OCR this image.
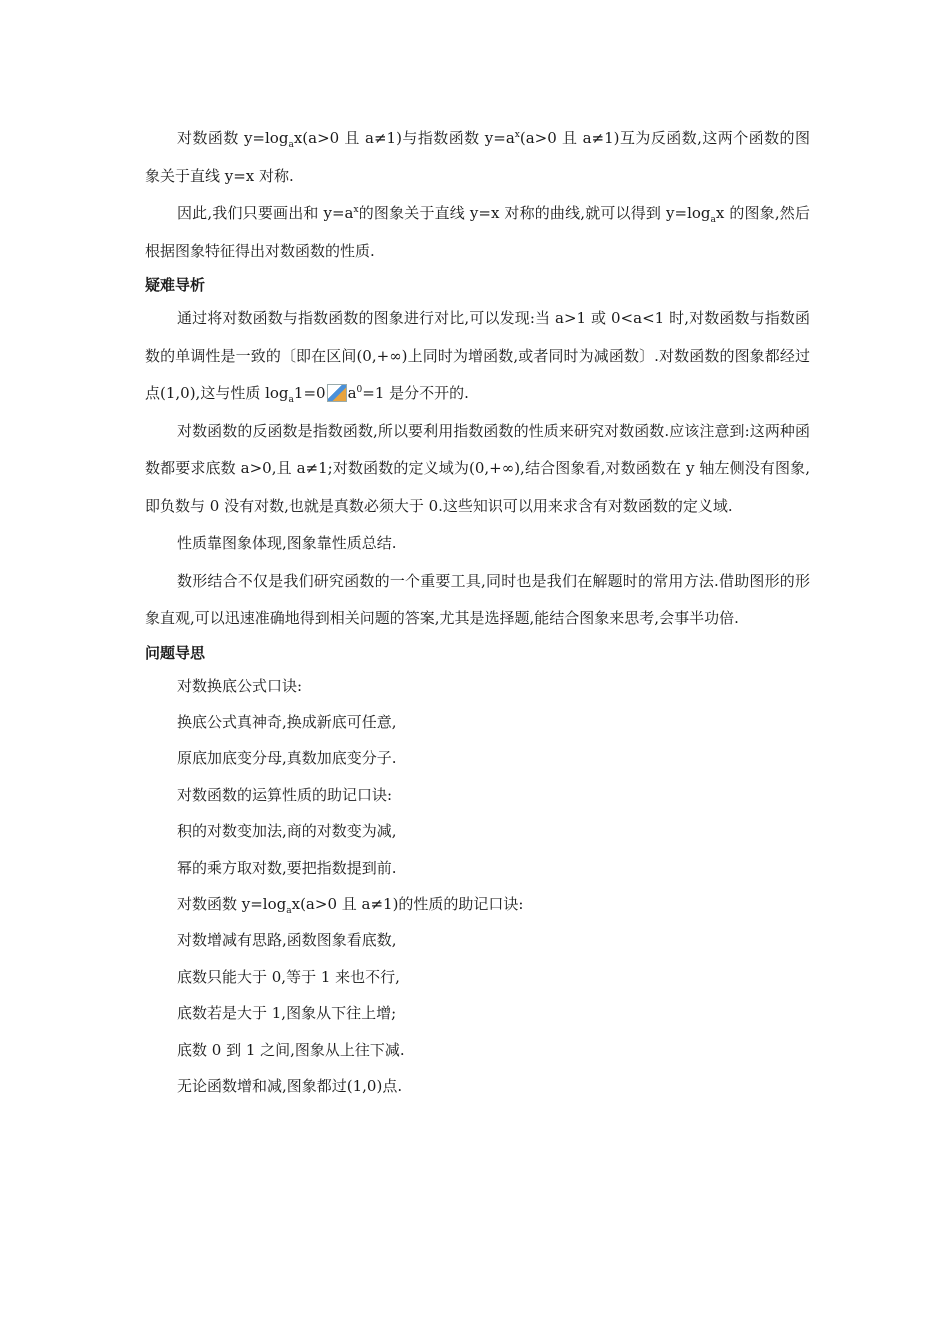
对数函数 $y=\log_ax(a>0$ 且 a≠1)与指数函数 $y=a^x(a>0$ 且 a≠1)互为反函数,这两个函数的图象关于直线 y=x 对称.

因此,我们只要画出和 $y=a^x$的图象关于直线 y=x 对称的曲线,就可以得到 $y=\log_ax$ 的图象,然后根据图象特征得出对数函数的性质.

疑难导析

通过将对数函数与指数函数的图象进行对比,可以发现:当 a>1 或 0<a<1 时,对数函数与指数函数的单调性是一致的〔即在区间(0,+∞)上同时为增函数,或者同时为减函数〕.对数函数的图象都经过点(1,0),这与性质 $\log_a1=0$ $a^0=1$ 是分不开的.

对数函数的反函数是指数函数,所以要利用指数函数的性质来研究对数函数.应该注意到:这两种函数都要求底数 a>0,且 a≠1;对数函数的定义域为(0,+∞),结合图象看,对数函数在 y 轴左侧没有图象,即负数与 0 没有对数,也就是真数必须大于 0.这些知识可以用来求含有对数函数的定义域.

性质靠图象体现,图象靠性质总结.

数形结合不仅是我们研究函数的一个重要工具,同时也是我们在解题时的常用方法.借助图形的形象直观,可以迅速准确地得到相关问题的答案,尤其是选择题,能结合图象来思考,会事半功倍.

问题导思

对数换底公式口诀:

换底公式真神奇,换成新底可任意,

原底加底变分母,真数加底变分子.

对数函数的运算性质的助记口诀:

积的对数变加法,商的对数变为减,

幂的乘方取对数,要把指数提到前.

对数函数 $y=\log_ax(a>0$ 且 a≠1)的性质的助记口诀:

对数增减有思路,函数图象看底数,

底数只能大于 0,等于 1 来也不行,

底数若是大于 1,图象从下往上增;

底数 0 到 1 之间,图象从上往下减.

无论函数增和减,图象都过(1,0)点.
